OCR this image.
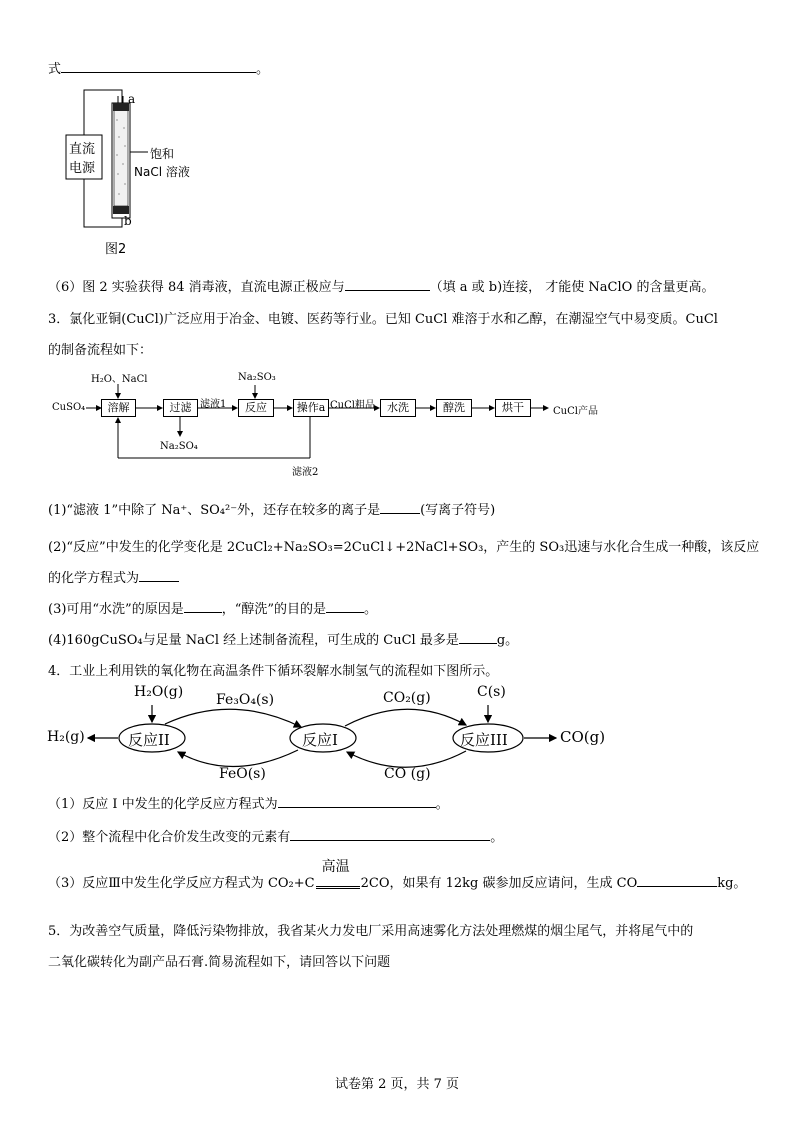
式	。
直流
电源
a
b
饱和
NaCl 溶液
图2
（6）图 2 实验获得 84 消毒液，直流电源正极应与	（填 a 或 b)连接， 才能使 NaClO 的含量更高。
3．氯化亚铜(CuCl)广泛应用于冶金、电镀、医药等行业。已知 CuCl 难溶于水和乙醇，在潮湿空气中易变质。CuCl
的制备流程如下：
H₂O、NaCl
CuSO₄
Na₂SO₃
滤液1
Na₂SO₄
CuCl粗品
CuCl产品
滤液2
溶解	过滤	反应	操作a	水洗	醇洗	烘干
(1)“滤液 1”中除了 Na⁺、SO₄²⁻外，还存在较多的离子是	(写离子符号)
(2)“反应”中发生的化学变化是 2CuCl₂+Na₂SO₃=2CuCl↓+2NaCl+SO₃，产生的 SO₃迅速与水化合生成一种酸，该反应
的化学方程式为
(3)可用“水洗”的原因是	，“醇洗”的目的是	。
(4)160gCuSO₄与足量 NaCl 经上述制备流程，可生成的 CuCl 最多是	g。
4．工业上利用铁的氧化物在高温条件下循环裂解水制氢气的流程如下图所示。
H₂O(g)	C(s)
Fe₃O₄(s)	CO₂(g)
FeO(s)	CO (g)
H₂(g)	CO(g)
反应II	反应I	反应III
（1）反应 I 中发生的化学反应方程式为	。
（2）整个流程中化合价发生改变的元素有	。
（3）反应Ⅲ中发生化学反应方程式为 CO₂+C
高温
2CO，如果有 12kg 碳参加反应请问，生成 CO	kg。
5．为改善空气质量，降低污染物排放，我省某火力发电厂采用高速雾化方法处理燃煤的烟尘尾气，并将尾气中的
二氧化碳转化为副产品石膏.简易流程如下，请回答以下问题
试卷第 2 页，共 7 页
